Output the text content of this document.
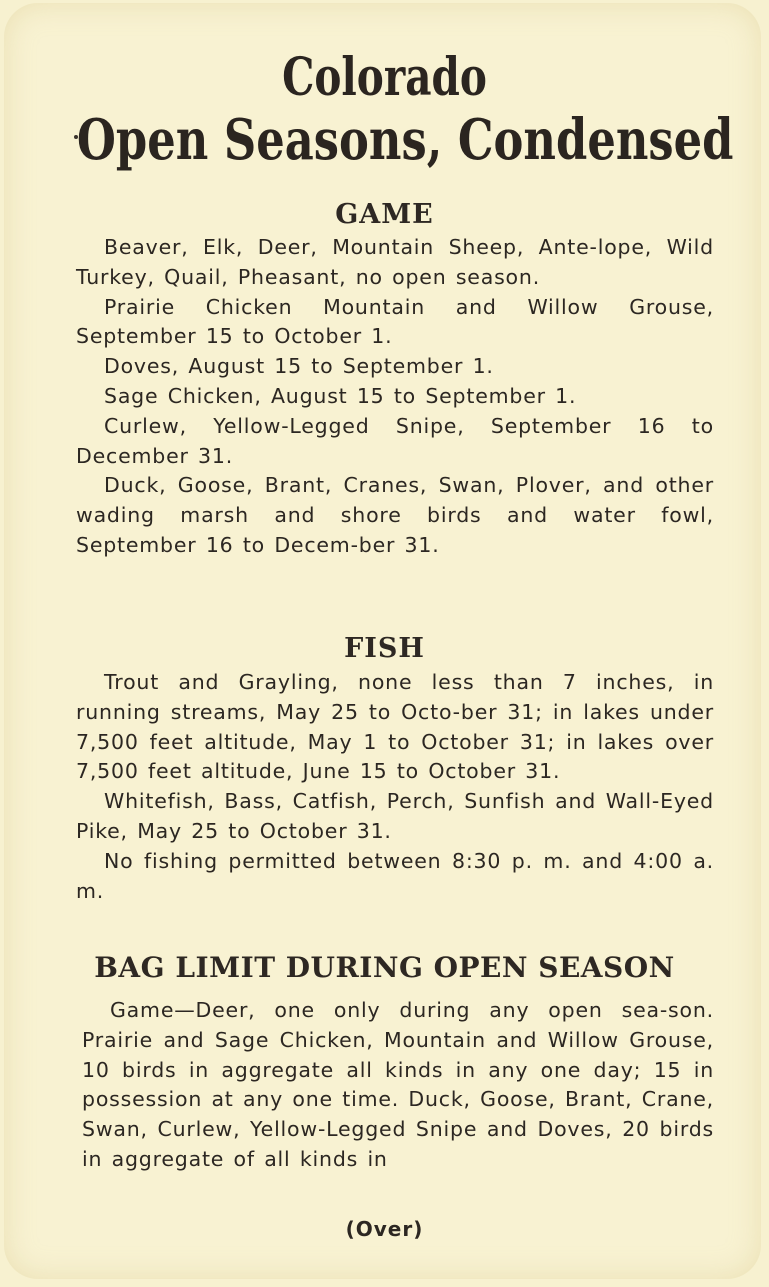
Colorado
Open Seasons, Condensed
GAME

Beaver, Elk, Deer, Mountain Sheep, Ante-lope, Wild Turkey, Quail, Pheasant, no open season.

Prairie Chicken Mountain and Willow Grouse, September 15 to October 1.

Doves, August 15 to September 1.

Sage Chicken, August 15 to September 1.

Curlew, Yellow-Legged Snipe, September 16 to December 31.

Duck, Goose, Brant, Cranes, Swan, Plover, and other wading marsh and shore birds and water fowl, September 16 to Decem-ber 31.

FISH

Trout and Grayling, none less than 7 inches, in running streams, May 25 to Octo-ber 31; in lakes under 7,500 feet altitude, May 1 to October 31; in lakes over 7,500 feet altitude, June 15 to October 31.

Whitefish, Bass, Catfish, Perch, Sunfish and Wall-Eyed Pike, May 25 to October 31.

No fishing permitted between 8:30 p. m. and 4:00 a. m.

BAG LIMIT DURING OPEN SEASON

Game—Deer, one only during any open sea-son. Prairie and Sage Chicken, Mountain and Willow Grouse, 10 birds in aggregate all kinds in any one day; 15 in possession at any one time. Duck, Goose, Brant, Crane, Swan, Curlew, Yellow-Legged Snipe and Doves, 20 birds in aggregate of all kinds in

(Over)
